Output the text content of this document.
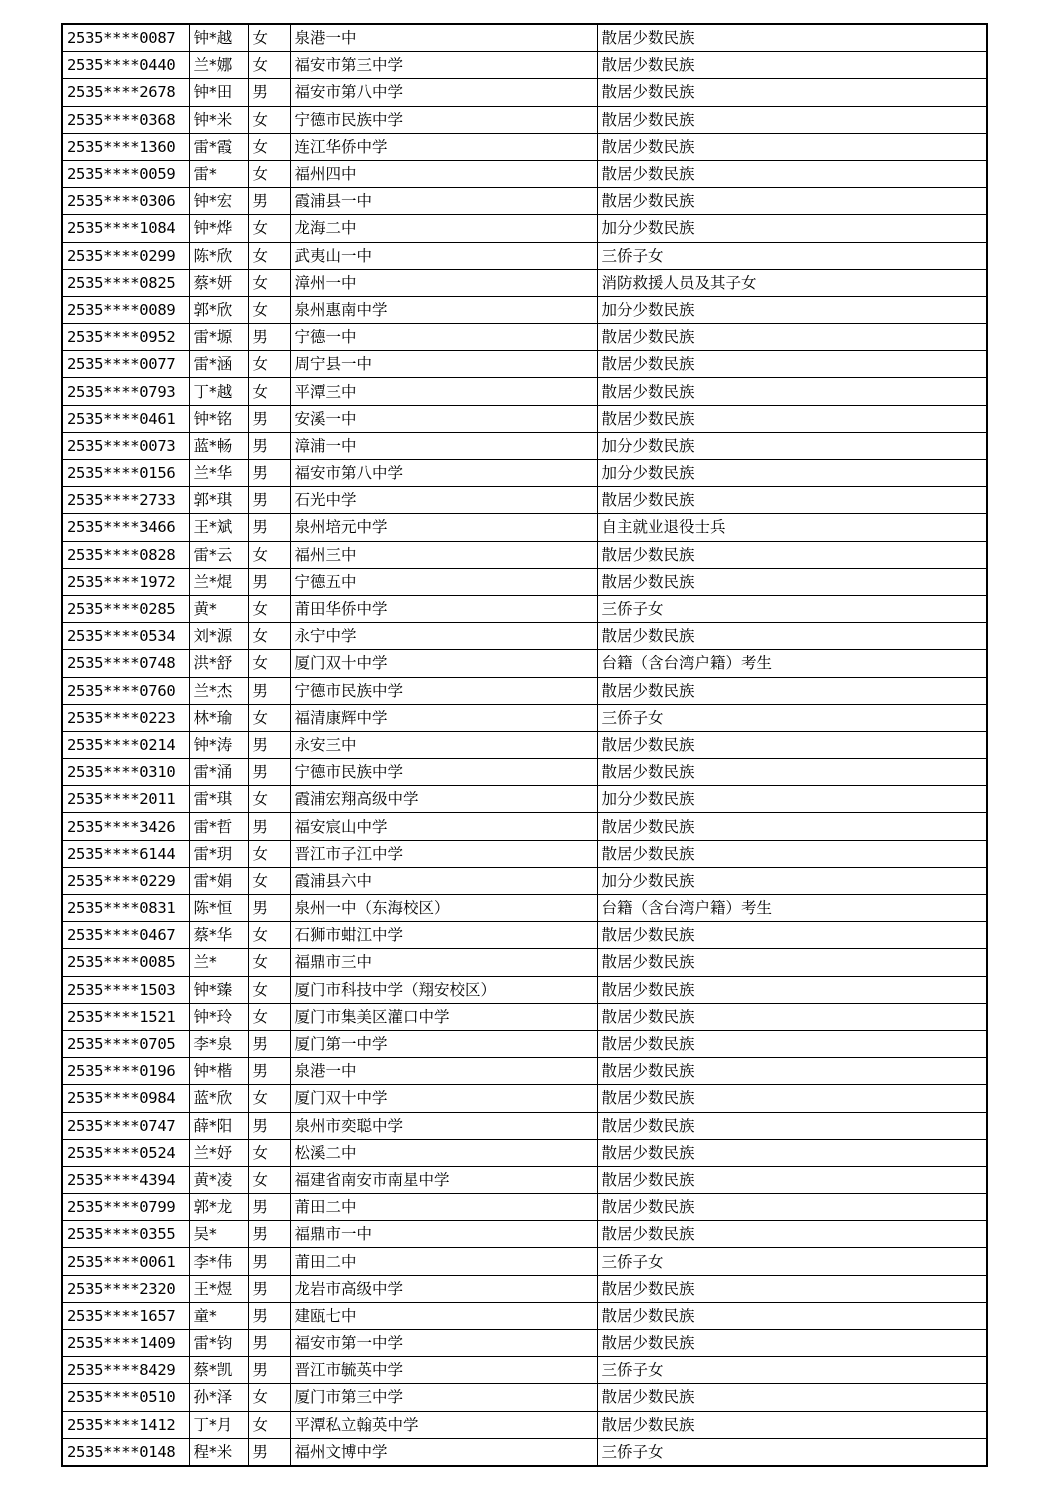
2535****0087	钟*越	女	泉港一中	散居少数民族
2535****0440	兰*娜	女	福安市第三中学	散居少数民族
2535****2678	钟*田	男	福安市第八中学	散居少数民族
2535****0368	钟*米	女	宁德市民族中学	散居少数民族
2535****1360	雷*霞	女	连江华侨中学	散居少数民族
2535****0059	雷*	女	福州四中	散居少数民族
2535****0306	钟*宏	男	霞浦县一中	散居少数民族
2535****1084	钟*烨	女	龙海二中	加分少数民族
2535****0299	陈*欣	女	武夷山一中	三侨子女
2535****0825	蔡*妍	女	漳州一中	消防救援人员及其子女
2535****0089	郭*欣	女	泉州惠南中学	加分少数民族
2535****0952	雷*塬	男	宁德一中	散居少数民族
2535****0077	雷*涵	女	周宁县一中	散居少数民族
2535****0793	丁*越	女	平潭三中	散居少数民族
2535****0461	钟*铭	男	安溪一中	散居少数民族
2535****0073	蓝*畅	男	漳浦一中	加分少数民族
2535****0156	兰*华	男	福安市第八中学	加分少数民族
2535****2733	郭*琪	男	石光中学	散居少数民族
2535****3466	王*斌	男	泉州培元中学	自主就业退役士兵
2535****0828	雷*云	女	福州三中	散居少数民族
2535****1972	兰*焜	男	宁德五中	散居少数民族
2535****0285	黄*	女	莆田华侨中学	三侨子女
2535****0534	刘*源	女	永宁中学	散居少数民族
2535****0748	洪*舒	女	厦门双十中学	台籍（含台湾户籍）考生
2535****0760	兰*杰	男	宁德市民族中学	散居少数民族
2535****0223	林*瑜	女	福清康辉中学	三侨子女
2535****0214	钟*涛	男	永安三中	散居少数民族
2535****0310	雷*涌	男	宁德市民族中学	散居少数民族
2535****2011	雷*琪	女	霞浦宏翔高级中学	加分少数民族
2535****3426	雷*哲	男	福安宸山中学	散居少数民族
2535****6144	雷*玥	女	晋江市子江中学	散居少数民族
2535****0229	雷*娟	女	霞浦县六中	加分少数民族
2535****0831	陈*恒	男	泉州一中（东海校区）	台籍（含台湾户籍）考生
2535****0467	蔡*华	女	石狮市蚶江中学	散居少数民族
2535****0085	兰*	女	福鼎市三中	散居少数民族
2535****1503	钟*臻	女	厦门市科技中学（翔安校区）	散居少数民族
2535****1521	钟*玲	女	厦门市集美区灌口中学	散居少数民族
2535****0705	李*泉	男	厦门第一中学	散居少数民族
2535****0196	钟*楷	男	泉港一中	散居少数民族
2535****0984	蓝*欣	女	厦门双十中学	散居少数民族
2535****0747	薛*阳	男	泉州市奕聪中学	散居少数民族
2535****0524	兰*妤	女	松溪二中	散居少数民族
2535****4394	黄*凌	女	福建省南安市南星中学	散居少数民族
2535****0799	郭*龙	男	莆田二中	散居少数民族
2535****0355	吴*	男	福鼎市一中	散居少数民族
2535****0061	李*伟	男	莆田二中	三侨子女
2535****2320	王*煜	男	龙岩市高级中学	散居少数民族
2535****1657	童*	男	建瓯七中	散居少数民族
2535****1409	雷*钧	男	福安市第一中学	散居少数民族
2535****8429	蔡*凯	男	晋江市毓英中学	三侨子女
2535****0510	孙*泽	女	厦门市第三中学	散居少数民族
2535****1412	丁*月	女	平潭私立翰英中学	散居少数民族
2535****0148	程*米	男	福州文博中学	三侨子女
